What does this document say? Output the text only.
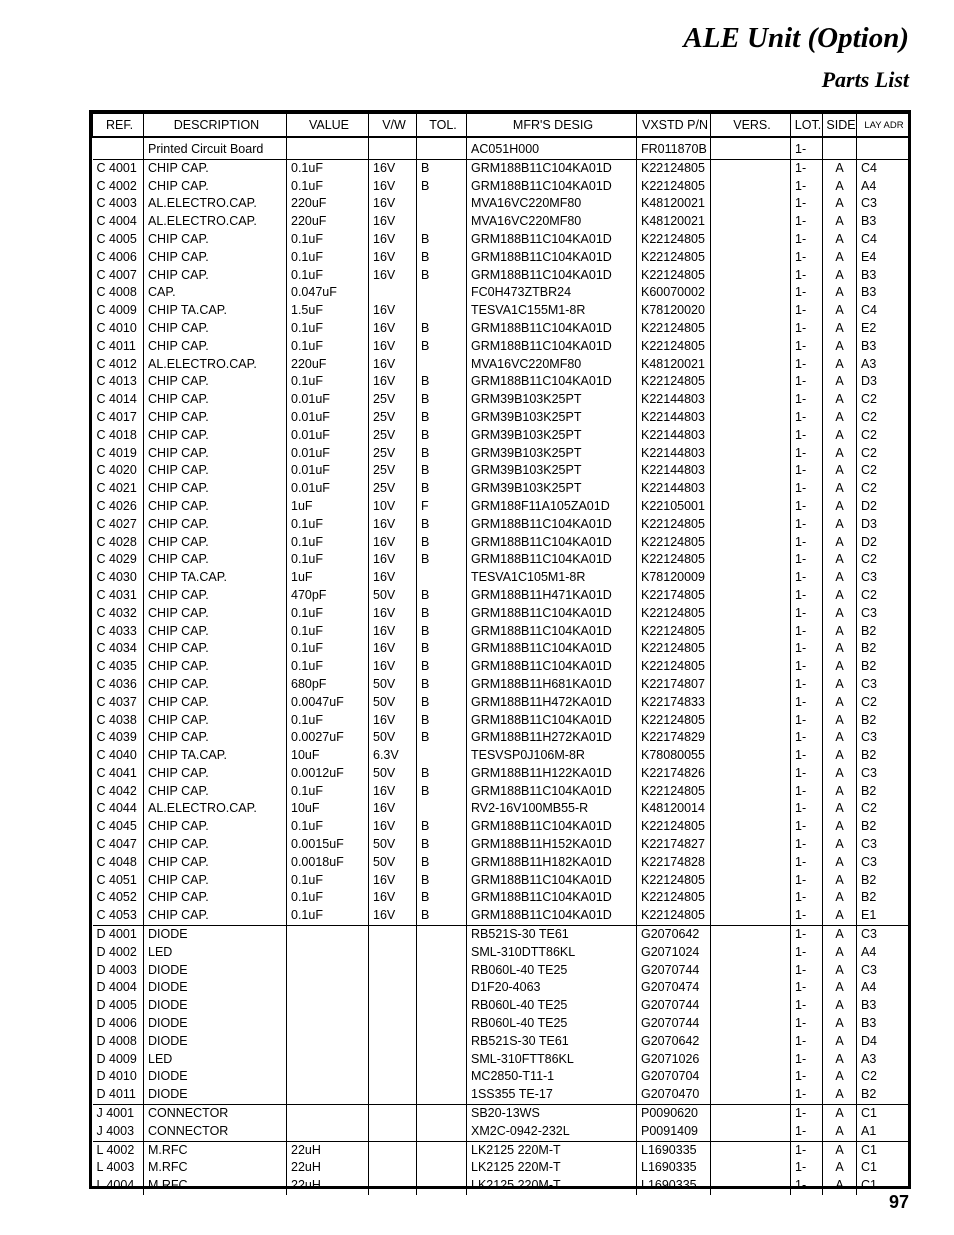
ALE Unit (Option)
Parts List
REF.	DESCRIPTION	VALUE	V/W	TOL.	MFR'S DESIG	VXSTD P/N	VERS.	LOT.	SIDE	LAY ADR
	Printed Circuit Board				AC051H000	FR011870B		1-		
C 4001	CHIP CAP.	0.1uF	16V	B	GRM188B11C104KA01D	K22124805		1-	A	C4
C 4002	CHIP CAP.	0.1uF	16V	B	GRM188B11C104KA01D	K22124805		1-	A	A4
C 4003	AL.ELECTRO.CAP.	220uF	16V		MVA16VC220MF80	K48120021		1-	A	C3
C 4004	AL.ELECTRO.CAP.	220uF	16V		MVA16VC220MF80	K48120021		1-	A	B3
C 4005	CHIP CAP.	0.1uF	16V	B	GRM188B11C104KA01D	K22124805		1-	A	C4
C 4006	CHIP CAP.	0.1uF	16V	B	GRM188B11C104KA01D	K22124805		1-	A	E4
C 4007	CHIP CAP.	0.1uF	16V	B	GRM188B11C104KA01D	K22124805		1-	A	B3
C 4008	CAP.	0.047uF			FC0H473ZTBR24	K60070002		1-	A	B3
C 4009	CHIP TA.CAP.	1.5uF	16V		TESVA1C155M1-8R	K78120020		1-	A	C4
C 4010	CHIP CAP.	0.1uF	16V	B	GRM188B11C104KA01D	K22124805		1-	A	E2
C 4011	CHIP CAP.	0.1uF	16V	B	GRM188B11C104KA01D	K22124805		1-	A	B3
C 4012	AL.ELECTRO.CAP.	220uF	16V		MVA16VC220MF80	K48120021		1-	A	A3
C 4013	CHIP CAP.	0.1uF	16V	B	GRM188B11C104KA01D	K22124805		1-	A	D3
C 4014	CHIP CAP.	0.01uF	25V	B	GRM39B103K25PT	K22144803		1-	A	C2
C 4017	CHIP CAP.	0.01uF	25V	B	GRM39B103K25PT	K22144803		1-	A	C2
C 4018	CHIP CAP.	0.01uF	25V	B	GRM39B103K25PT	K22144803		1-	A	C2
C 4019	CHIP CAP.	0.01uF	25V	B	GRM39B103K25PT	K22144803		1-	A	C2
C 4020	CHIP CAP.	0.01uF	25V	B	GRM39B103K25PT	K22144803		1-	A	C2
C 4021	CHIP CAP.	0.01uF	25V	B	GRM39B103K25PT	K22144803		1-	A	C2
C 4026	CHIP CAP.	1uF	10V	F	GRM188F11A105ZA01D	K22105001		1-	A	D2
C 4027	CHIP CAP.	0.1uF	16V	B	GRM188B11C104KA01D	K22124805		1-	A	D3
C 4028	CHIP CAP.	0.1uF	16V	B	GRM188B11C104KA01D	K22124805		1-	A	D2
C 4029	CHIP CAP.	0.1uF	16V	B	GRM188B11C104KA01D	K22124805		1-	A	C2
C 4030	CHIP TA.CAP.	1uF	16V		TESVA1C105M1-8R	K78120009		1-	A	C3
C 4031	CHIP CAP.	470pF	50V	B	GRM188B11H471KA01D	K22174805		1-	A	C2
C 4032	CHIP CAP.	0.1uF	16V	B	GRM188B11C104KA01D	K22124805		1-	A	C3
C 4033	CHIP CAP.	0.1uF	16V	B	GRM188B11C104KA01D	K22124805		1-	A	B2
C 4034	CHIP CAP.	0.1uF	16V	B	GRM188B11C104KA01D	K22124805		1-	A	B2
C 4035	CHIP CAP.	0.1uF	16V	B	GRM188B11C104KA01D	K22124805		1-	A	B2
C 4036	CHIP CAP.	680pF	50V	B	GRM188B11H681KA01D	K22174807		1-	A	C3
C 4037	CHIP CAP.	0.0047uF	50V	B	GRM188B11H472KA01D	K22174833		1-	A	C2
C 4038	CHIP CAP.	0.1uF	16V	B	GRM188B11C104KA01D	K22124805		1-	A	B2
C 4039	CHIP CAP.	0.0027uF	50V	B	GRM188B11H272KA01D	K22174829		1-	A	C3
C 4040	CHIP TA.CAP.	10uF	6.3V		TESVSP0J106M-8R	K78080055		1-	A	B2
C 4041	CHIP CAP.	0.0012uF	50V	B	GRM188B11H122KA01D	K22174826		1-	A	C3
C 4042	CHIP CAP.	0.1uF	16V	B	GRM188B11C104KA01D	K22124805		1-	A	B2
C 4044	AL.ELECTRO.CAP.	10uF	16V		RV2-16V100MB55-R	K48120014		1-	A	C2
C 4045	CHIP CAP.	0.1uF	16V	B	GRM188B11C104KA01D	K22124805		1-	A	B2
C 4047	CHIP CAP.	0.0015uF	50V	B	GRM188B11H152KA01D	K22174827		1-	A	C3
C 4048	CHIP CAP.	0.0018uF	50V	B	GRM188B11H182KA01D	K22174828		1-	A	C3
C 4051	CHIP CAP.	0.1uF	16V	B	GRM188B11C104KA01D	K22124805		1-	A	B2
C 4052	CHIP CAP.	0.1uF	16V	B	GRM188B11C104KA01D	K22124805		1-	A	B2
C 4053	CHIP CAP.	0.1uF	16V	B	GRM188B11C104KA01D	K22124805		1-	A	E1
D 4001	DIODE				RB521S-30 TE61	G2070642		1-	A	C3
D 4002	LED				SML-310DTT86KL	G2071024		1-	A	A4
D 4003	DIODE				RB060L-40 TE25	G2070744		1-	A	C3
D 4004	DIODE				D1F20-4063	G2070474		1-	A	A4
D 4005	DIODE				RB060L-40 TE25	G2070744		1-	A	B3
D 4006	DIODE				RB060L-40 TE25	G2070744		1-	A	B3
D 4008	DIODE				RB521S-30 TE61	G2070642		1-	A	D4
D 4009	LED				SML-310FTT86KL	G2071026		1-	A	A3
D 4010	DIODE				MC2850-T11-1	G2070704		1-	A	C2
D 4011	DIODE				1SS355 TE-17	G2070470		1-	A	B2
J 4001	CONNECTOR				SB20-13WS	P0090620		1-	A	C1
J 4003	CONNECTOR				XM2C-0942-232L	P0091409		1-	A	A1
L 4002	M.RFC	22uH			LK2125 220M-T	L1690335		1-	A	C1
L 4003	M.RFC	22uH			LK2125 220M-T	L1690335		1-	A	C1
L 4004	M.RFC	22uH			LK2125 220M-T	L1690335		1-	A	C1
97
